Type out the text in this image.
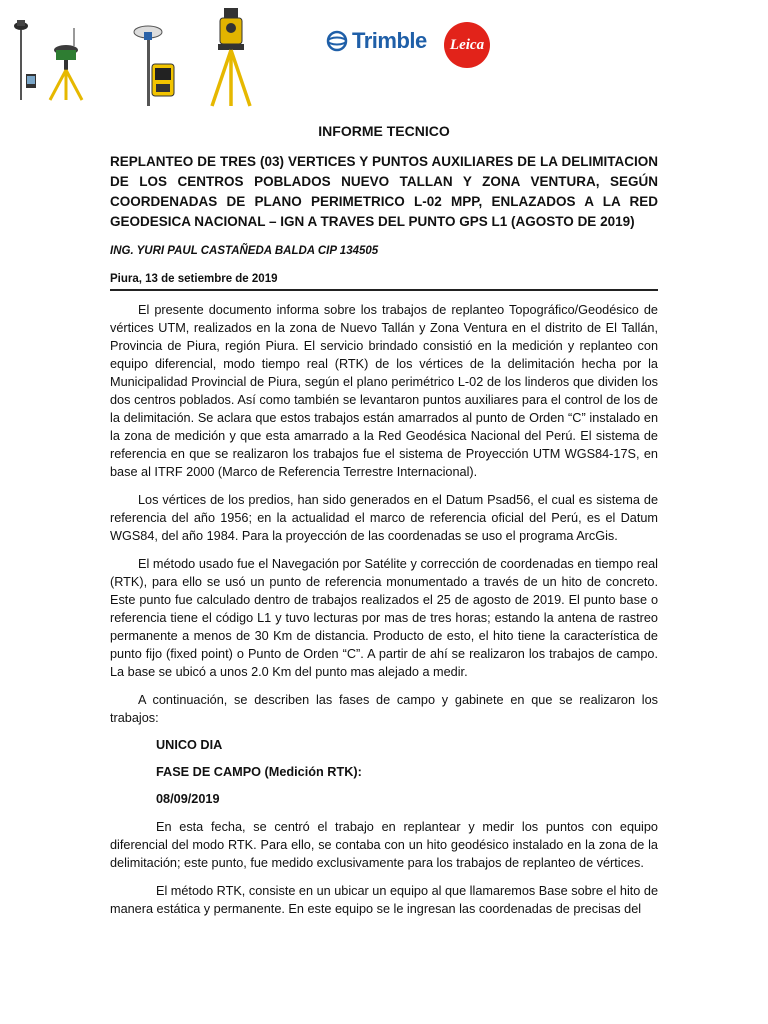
Trimble	Leica
INFORME TECNICO
REPLANTEO DE TRES (03) VERTICES Y PUNTOS AUXILIARES DE LA DELIMITACION DE LOS CENTROS POBLADOS NUEVO TALLAN Y ZONA VENTURA, SEGÚN COORDENADAS DE PLANO PERIMETRICO L-02 MPP, ENLAZADOS A LA RED GEODESICA NACIONAL – IGN A TRAVES DEL PUNTO GPS L1 (AGOSTO DE 2019)
ING. YURI PAUL CASTAÑEDA BALDA CIP 134505
Piura, 13 de setiembre de 2019

El presente documento informa sobre los trabajos de replanteo Topográfico/Geodésico de vértices UTM, realizados en la zona de Nuevo Tallán y Zona Ventura en el distrito de El Tallán, Provincia de Piura, región Piura. El servicio brindado consistió en la medición y replanteo con equipo diferencial, modo tiempo real (RTK) de los vértices de la delimitación hecha por la Municipalidad Provincial de Piura, según el plano perimétrico L-02 de los linderos que dividen los dos centros poblados. Así como también se levantaron puntos auxiliares para el control de los de la delimitación. Se aclara que estos trabajos están amarrados al punto de Orden “C” instalado en la zona de medición y que esta amarrado a la Red Geodésica Nacional del Perú. El sistema de referencia en que se realizaron los trabajos fue el sistema de Proyección UTM WGS84-17S, en base al ITRF 2000 (Marco de Referencia Terrestre Internacional).

Los vértices de los predios, han sido generados en el Datum Psad56, el cual es sistema de referencia del año 1956; en la actualidad el marco de referencia oficial del Perú, es el Datum WGS84, del año 1984. Para la proyección de las coordenadas se uso el programa ArcGis.

El método usado fue el Navegación por Satélite y corrección de coordenadas en tiempo real (RTK), para ello se usó un punto de referencia monumentado a través de un hito de concreto. Este punto fue calculado dentro de trabajos realizados el 25 de agosto de 2019. El punto base o referencia tiene el código L1 y tuvo lecturas por mas de tres horas; estando la antena de rastreo permanente a menos de 30 Km de distancia. Producto de esto, el hito tiene la característica de punto fijo (fixed point) o Punto de Orden “C”. A partir de ahí se realizaron los trabajos de campo. La base se ubicó a unos 2.0 Km del punto mas alejado a medir.

A continuación, se describen las fases de campo y gabinete en que se realizaron los trabajos:

UNICO DIA
FASE DE CAMPO (Medición RTK):
08/09/2019

En esta fecha, se centró el trabajo en replantear y medir los puntos con equipo diferencial del modo RTK. Para ello, se contaba con un hito geodésico instalado en la zona de la delimitación; este punto, fue medido exclusivamente para los trabajos de replanteo de vértices.

El método RTK, consiste en un ubicar un equipo al que llamaremos Base sobre el hito de manera estática y permanente. En este equipo se le ingresan las coordenadas de precisas del
